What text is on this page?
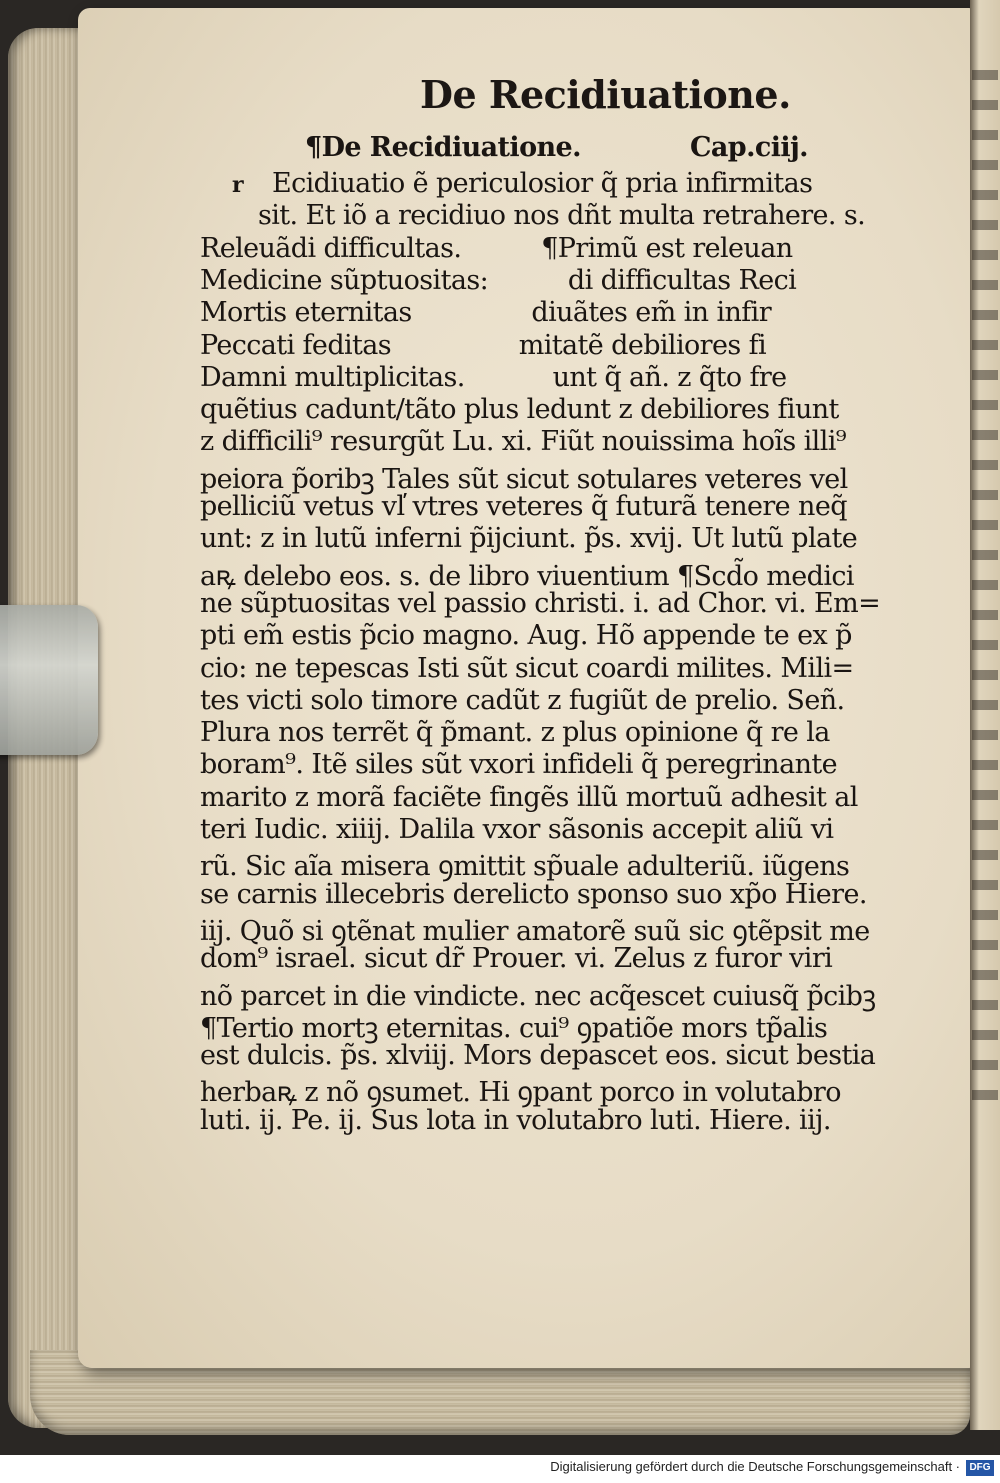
De Recidiuatione.
¶De Recidiuatione.	Cap.ciij.
r Ecidiuatio ẽ periculosior q̃ pria infirmitas
sit. Et iõ a recidiuo nos dñt multa retrahere. s.
Releuãdi difficultas.          ¶Primũ est releuan
Medicine sũptuositas:          di difficultas Reci
Mortis eternitas               diuãtes em̃ in infir
Peccati feditas                mitatẽ debiliores fi
Damni multiplicitas.           unt q̃ añ. z q̃to fre
quẽtius cadunt/tãto plus ledunt z debiliores fiunt
z difficili⁹ resurgũt Lu. xi. Fiũt nouissima hoĩs illi⁹
peiora p̃oribꝫ Tales sũt sicut sotulares veteres vel
pelliciũ vetus vl̕ vtres veteres q̃ futurã tenere neq̃
unt: z in lutũ inferni p̃ijciunt. p̃s. xvij. Ut lutũ plate
aꝶ delebo eos. s. de libro viuentium ¶Scd̃o medici
ne sũptuositas vel passio christi. i. ad Chor. vi. Em=
pti em̃ estis p̃cio magno. Aug. Hõ appende te ex p̃
cio: ne tepescas Isti sũt sicut coardi milites. Mili=
tes victi solo timore cadũt z fugiũt de prelio. Señ.
Plura nos terrẽt q̃ p̃mant. z plus opinione q̃ re la
boram⁹. Itẽ siles sũt vxori infideli q̃ peregrinante
marito z morã faciẽte fingẽs illũ mortuũ adhesit al
teri Iudic. xiiij. Dalila vxor sãsonis accepit aliũ vi
rũ. Sic aĩa misera ꝯmittit sp̃uale adulteriũ. iũgens
se carnis illecebris derelicto sponso suo xp̃o Hiere.
iij. Quõ si ꝯtẽnat mulier amatorẽ suũ sic ꝯtẽpsit me
dom⁹ israel. sicut dr̃ Prouer. vi. Zelus z furor viri
nõ parcet in die vindicte. nec acq̃escet cuiusq̃ p̃cibꝫ
¶Tertio mortꝫ eternitas. cui⁹ ꝯpatiõe mors tp̃alis
est dulcis. p̃s. xlviij. Mors depascet eos. sicut bestia
herbaꝶ z nõ ꝯsumet. Hi ꝯpant porco in volutabro
luti. ij. Pe. ij. Sus lota in volutabro luti. Hiere. iij.
Digitalisierung gefördert durch die Deutsche Forschungsgemeinschaft · DFG
